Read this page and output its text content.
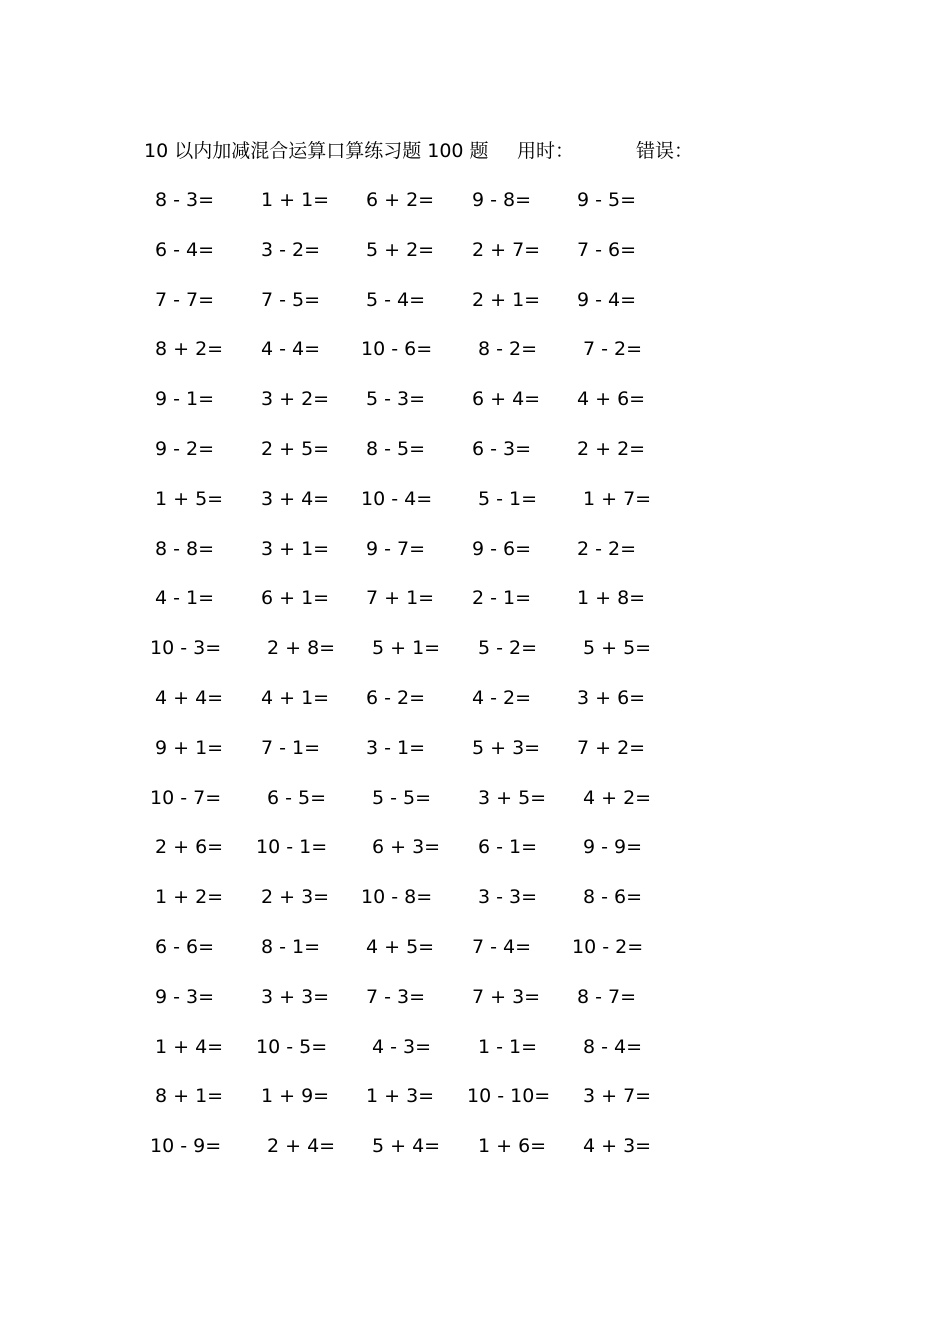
10 以内加减混合运算口算练习题 100 题 用时：	错误：
8 - 3= 1 + 1= 6 + 2= 9 - 8= 9 - 5=
6 - 4= 3 - 2= 5 + 2= 2 + 7= 7 - 6=
7 - 7= 7 - 5= 5 - 4= 2 + 1= 9 - 4=
8 + 2= 4 - 4= 10 - 6= 8 - 2= 7 - 2=
9 - 1= 3 + 2= 5 - 3= 6 + 4= 4 + 6=
9 - 2= 2 + 5= 8 - 5= 6 - 3= 2 + 2=
1 + 5= 3 + 4= 10 - 4= 5 - 1= 1 + 7=
8 - 8= 3 + 1= 9 - 7= 9 - 6= 2 - 2=
4 - 1= 6 + 1= 7 + 1= 2 - 1= 1 + 8=
10 - 3= 2 + 8= 5 + 1= 5 - 2= 5 + 5=
4 + 4= 4 + 1= 6 - 2= 4 - 2= 3 + 6=
9 + 1= 7 - 1= 3 - 1= 5 + 3= 7 + 2=
10 - 7= 6 - 5= 5 - 5= 3 + 5= 4 + 2=
2 + 6= 10 - 1= 6 + 3= 6 - 1= 9 - 9=
1 + 2= 2 + 3= 10 - 8= 3 - 3= 8 - 6=
6 - 6= 8 - 1= 4 + 5= 7 - 4= 10 - 2=
9 - 3= 3 + 3= 7 - 3= 7 + 3= 8 - 7=
1 + 4= 10 - 5= 4 - 3= 1 - 1= 8 - 4=
8 + 1= 1 + 9= 1 + 3= 10 - 10= 3 + 7=
10 - 9= 2 + 4= 5 + 4= 1 + 6= 4 + 3=
